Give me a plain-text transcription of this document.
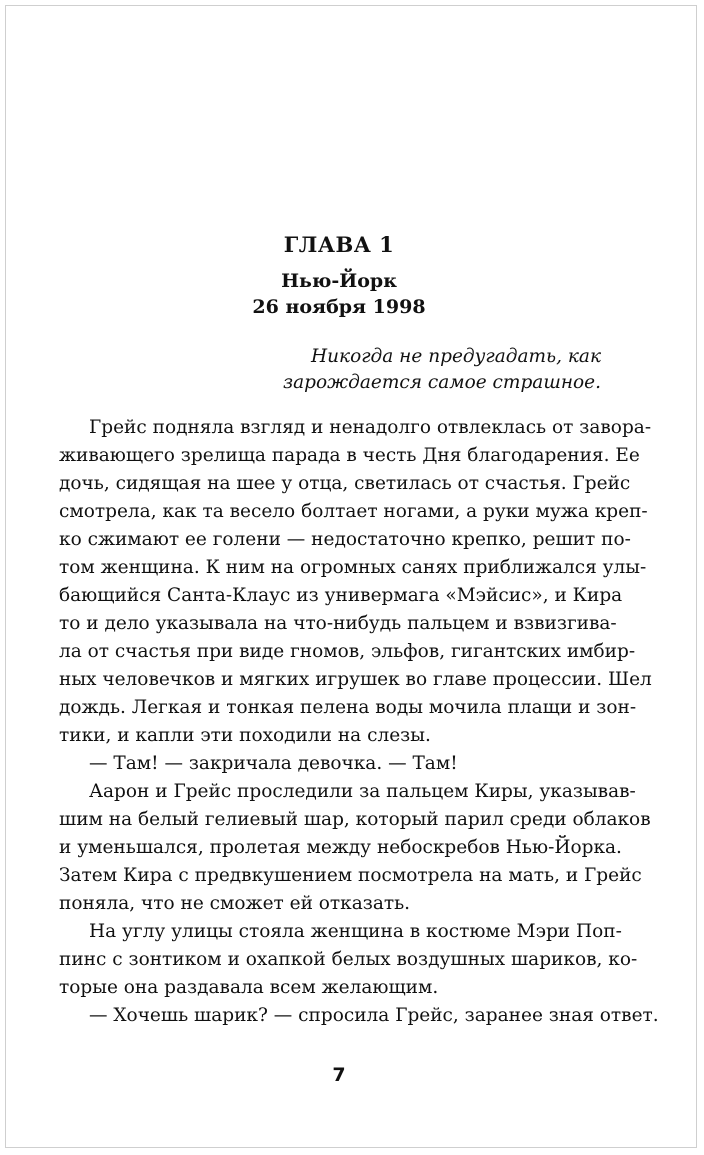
ГЛАВА 1
Нью-Йорк
26 ноября 1998
Никогда не предугадать, как
зарождается самое страшное.
Грейс подняла взгляд и ненадолго отвлеклась от завора-
живающего зрелища парада в честь Дня благодарения. Ее
дочь, сидящая на шее у отца, светилась от счастья. Грейс
смотрела, как та весело болтает ногами, а руки мужа креп-
ко сжимают ее голени — недостаточно крепко, решит по-
том женщина. К ним на огромных санях приближался улы-
бающийся Санта-Клаус из универмага «Мэйсис», и Кира
то и дело указывала на что-нибудь пальцем и взвизгива-
ла от счастья при виде гномов, эльфов, гигантских имбир-
ных человечков и мягких игрушек во главе процессии. Шел
дождь. Легкая и тонкая пелена воды мочила плащи и зон-
тики, и капли эти походили на слезы.
— Там! — закричала девочка. — Там!
Аарон и Грейс проследили за пальцем Киры, указывав-
шим на белый гелиевый шар, который парил среди облаков
и уменьшался, пролетая между небоскребов Нью-Йорка.
Затем Кира с предвкушением посмотрела на мать, и Грейс
поняла, что не сможет ей отказать.
На углу улицы стояла женщина в костюме Мэри Поп-
пинс с зонтиком и охапкой белых воздушных шариков, ко-
торые она раздавала всем желающим.
— Хочешь шарик? — спросила Грейс, заранее зная ответ.
7
